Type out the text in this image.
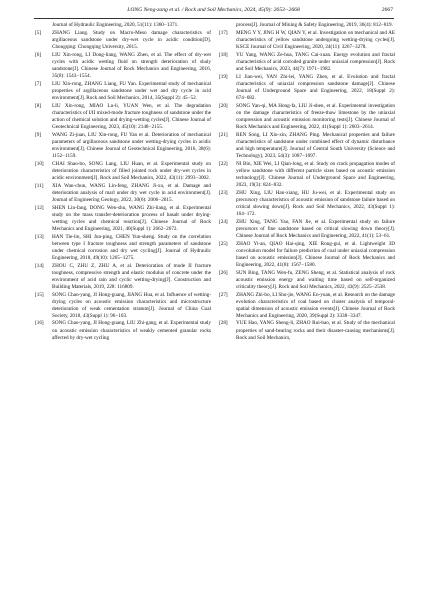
LONG Neng-zang et al. / Rock and Soil Mechanics, 2024, 45(9): 2653−2668	2667
Journal of Hydraulic Engineering, 2020, 51(11): 1360−1371.
[5] ZHANG Liang. Study on Macro-Meso damage characteristics of argillaceous sandstone under dry-wet cycle in acidic condition[D]. Chongqing: Chongqing University, 2015.
[6] LIU Xin-rong, LI Dong-liang, WANG Zhen, et al. The effect of dry-wet cycles with acidic wetting fluid on strength deterioration of shaly sandstone[J]. Chinese Journal of Rock Mechanics and Engineering, 2016, 35(8): 1543−1554.
[7] LIU Xin-rong, ZHANG Liang, FU Yan. Experimental study of mechanical properties of argillaceous sandstone under wet and dry cycle in acid environment[J]. Rock and Soil Mechanics, 2014, 35(Suppl 2): 45−52.
[8] LIU Xin-rong, MIAO Lu-li, YUAN Wen, et al. The degradation characteristics of I/II mixed-mode fracture toughness of sandstone under the action of chemical solution and drying-wetting cycles[J]. Chinese Journal of Geotechnical Engineering, 2023, 45(10): 2148−2155.
[9] WANG Zi-juan, LIU Xin-rong, FU Yan et al. Deterioration of mechanical parameters of argillaceous sandstone under wetting-drying cycles in acidic environment[J]. Chinese Journal of Geotechnical Engineering, 2016, 38(6): 1152−1159.
[10] CHAI Shao-bo, SONG Lang, LIU Huan, et al. Experimental study on deterioration characteristics of filled jointed rock under dry-wet cycles in acidic environment[J]. Rock and Soil Mechanics, 2022, 43(11): 2993−3002.
[11] XIA Wan-chun, WANG Lin-feng, ZHANG Ji-xu, et al. Damage and deterioration analysis of marl under dry wet cycle in acid environment[J]. Journal of Engineering Geology, 2022, 30(6): 2006−2015.
[12] SHEN Lin-fang, DONG Wen-shu, WANG Zhi-liang, et al. Experimental study on the mass transfer-deterioration process of basalt under drying-wetting cycles and chemical reaction[J]. Chinese Journal of Rock Mechanics and Engineering, 2021, 40(Suppl 1): 2662−2672.
[13] HAN Tie-lin, SHI Jun-ping, CHEN Yun-sheng. Study on the correlation between type I fracture toughness and strength parameters of sandstone under chemical corrosion and dry wet cycling[J]. Journal of Hydraulic Engineering, 2018, 49(10): 1265−1275.
[14] ZHOU C, ZHU Z, ZHU A, et al. Deterioration of mode II fracture toughness, compressive strength and elastic modulus of concrete under the environment of acid rain and cyclic wetting-drying[J]. Construction and Building Materials, 2019, 228: 116809.
[15] SONG Chao-yang, JI Hong-guang, JIANG Hua, et al. Influence of wetting-drying cycles on acoustic emission characteristics and microstructure deterioration of weak cementation stratum[J]. Journal of China Coal Society, 2018, 43(Suppl 1): 96−103.
[16] SONG Chao-yang, JI Hong-guang, LIU Zhi-gang, et al. Experimental study on acoustic emission characteristics of weakly cemented granular rocks affected by dry-wet cycling
process[J]. Journal of Mining & Safety Engineering, 2019, 36(4): 812−819.
[17] MENG Y Y, JING H W, QIAN Y, et al. Investigation on mechanical and AE characteristics of yellow sandstone undergoing wetting-drying cycles[J]. KSCE Journal of Civil Engineering, 2020, 24(11): 3267−3278.
[18] YU Yang, WANG Ze-hua, TANG Cai-xuan. Energy evolution and fractal characteristics of acid corroded granite under uniaxial compression[J]. Rock and Soil Mechanics, 2023, 44(7): 1971−1982.
[19] LI Jian-wei, YAN Zhi-lei, YANG Zhen, et al. Evolution and fractal characteristics of uniaxial compression sandstone damage[J]. Chinese Journal of Underground Space and Engineering, 2022, 18(Suppl 2): 674−682.
[20] SONG Yan-qi, MA Hong-fa, LIU Ji-shen, et al. Experimental investigation on the damage characteristics of freeze-thaw limestone by the uniaxial compression and acoustic emission monitoring tests[J]. Chinese Journal of Rock Mechanics and Engineering, 2022, 41(Suppl 1): 2603−2614.
[21] REN Song, LI Xiu-xin, ZHANG Ping. Mechanical properties and failure characteristics of sandstone under combined effect of dynamic disturbance and high temperature[J]. Journal of Central South University (Science and Technology), 2023, 54(3): 1087−1097.
[22] NI Bin, XIE Wei, LI Qian-long, et al. Study on crack propagation modes of yellow sandstone with different particle sizes based on acoustic emission technology[J]. Chinese Journal of Underground Space and Engineering, 2023, 19(3): 824−832.
[23] ZHU Xing, LIU Han-xiang, HU Ju-wei, et al. Experimental study on precursory characteristics of acoustic emission of sandstone failure based on critical slowing down[J]. Rock and Soil Mechanics, 2022, 43(Suppl 1): 164−172.
[24] ZHU Xing, TANG Yao, FAN Jie, et al. Experimental study on failure precursors of fine sandstone based on critical slowing down theory[J]. Chinese Journal of Rock Mechanics and Engineering, 2022, 41(1): 53−61.
[25] ZHAO Yi-an, QIAO Hai-qing, XIE Rong-gui, et al. Lightweight 3D convolution model for failure prediction of coal under uniaxial compression based on acoustic emission[J]. Chinese Journal of Rock Mechanics and Engineering, 2022, 41(8): 1567−1580.
[26] SUN Bing, TANG Wen-fu, ZENG Sheng, et al. Statistical analysis of rock acoustic emission energy and waiting time based on self-organized criticality theory[J]. Rock and Soil Mechanics, 2022, 43(9): 2525−2538.
[27] ZHANG Zhi-bo, LI Shu-jie, WANG En-yuan, et al. Research on the damage evolution characteristics of coal based on cluster analysis of temporal-spatial dimension of acoustic emission events[J]. Chinese Journal of Rock Mechanics and Engineering, 2020, 39(Suppl 2): 3338−3347.
[28] YUE Hao, YANG Sheng-li, ZHAO Rui-bao, et al. Study of the mechanical properties of sand-bearing rocks and their disaster-causing mechanisms[J]. Rock and Soil Mechanics,
